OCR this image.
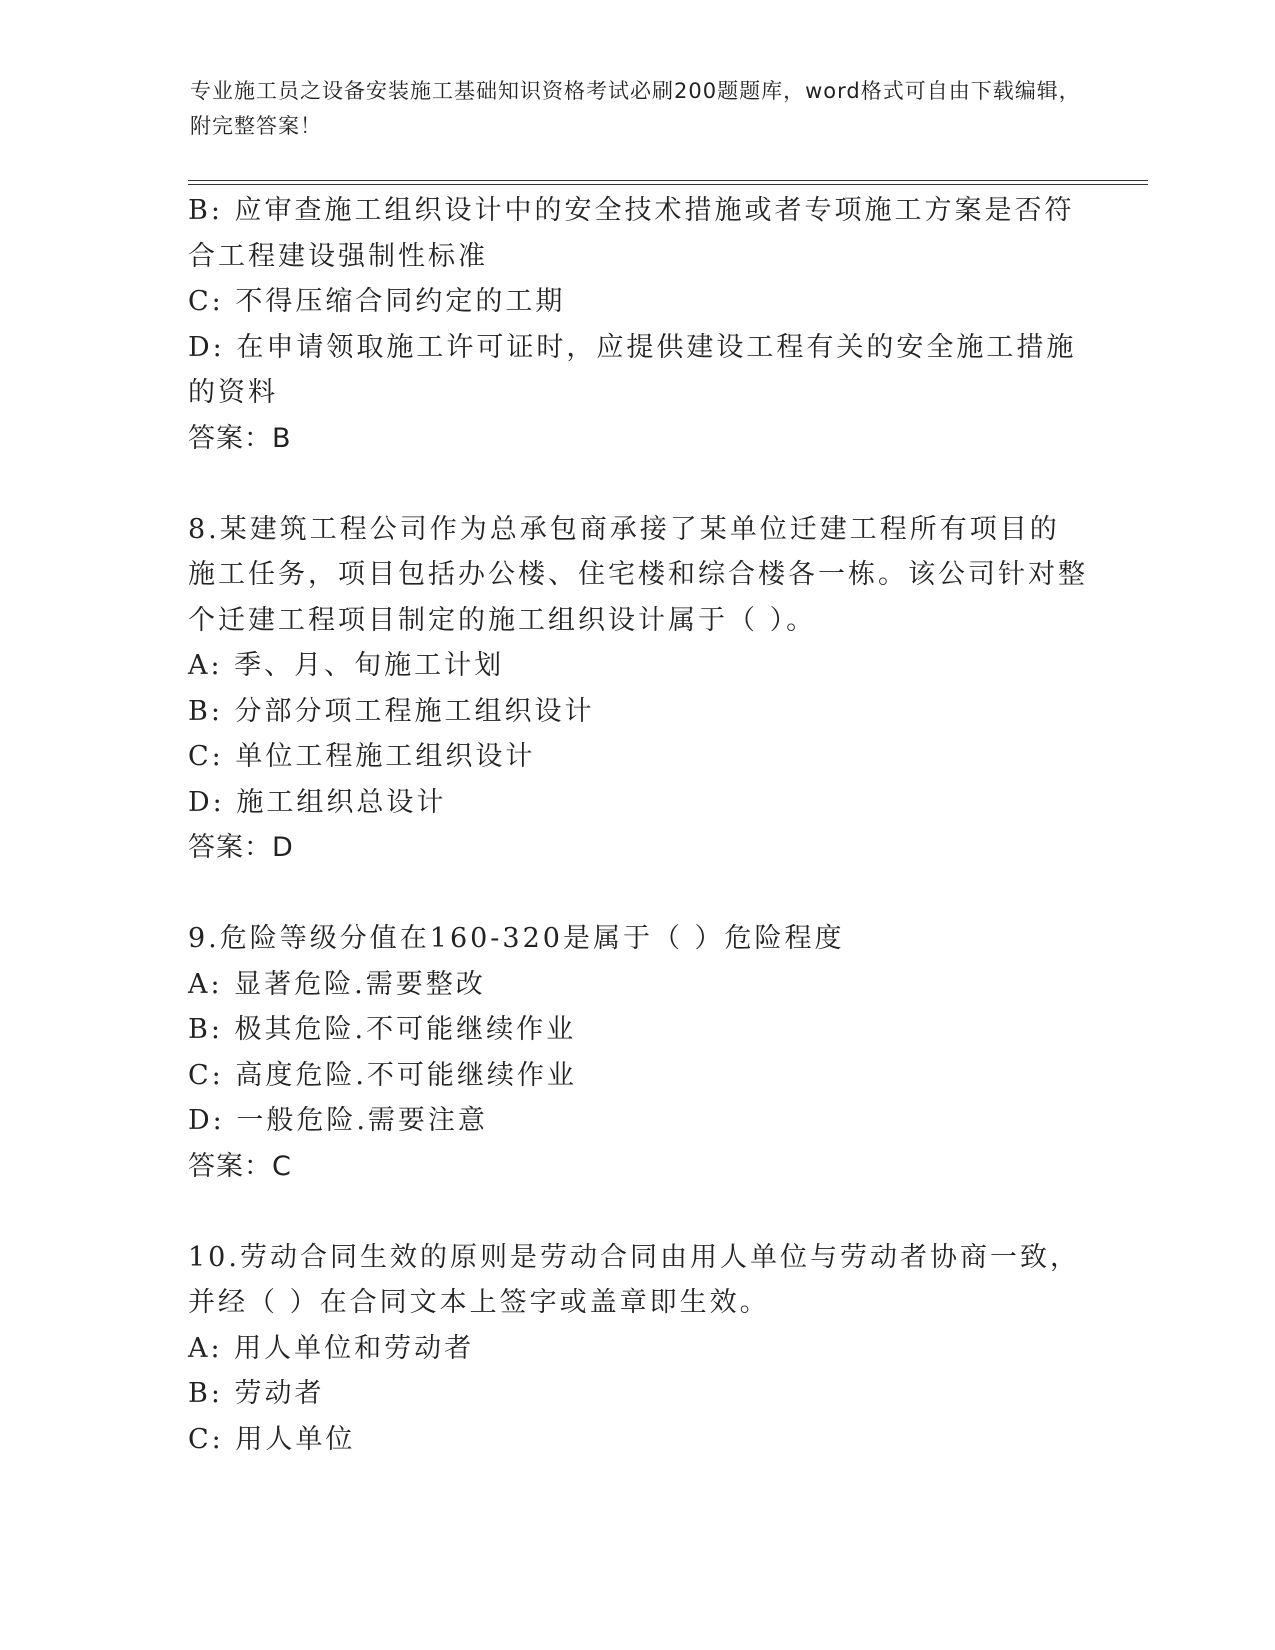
专业施工员之设备安装施工基础知识资格考试必刷200题题库，word格式可自由下载编辑，附完整答案！

B: 应审查施工组织设计中的安全技术措施或者专项施工方案是否符合工程建设强制性标准

C: 不得压缩合同约定的工期

D: 在申请领取施工许可证时，应提供建设工程有关的安全施工措施的资料

答案：B

8.某建筑工程公司作为总承包商承接了某单位迁建工程所有项目的施工任务，项目包括办公楼、住宅楼和综合楼各一栋。该公司针对整个迁建工程项目制定的施工组织设计属于（ ）。

A: 季、月、旬施工计划

B: 分部分项工程施工组织设计

C: 单位工程施工组织设计

D: 施工组织总设计

答案：D

9.危险等级分值在160-320是属于（ ）危险程度

A: 显著危险.需要整改

B: 极其危险.不可能继续作业

C: 高度危险.不可能继续作业

D: 一般危险.需要注意

答案：C

10.劳动合同生效的原则是劳动合同由用人单位与劳动者协商一致，并经（ ）在合同文本上签字或盖章即生效。

A: 用人单位和劳动者

B: 劳动者

C: 用人单位
